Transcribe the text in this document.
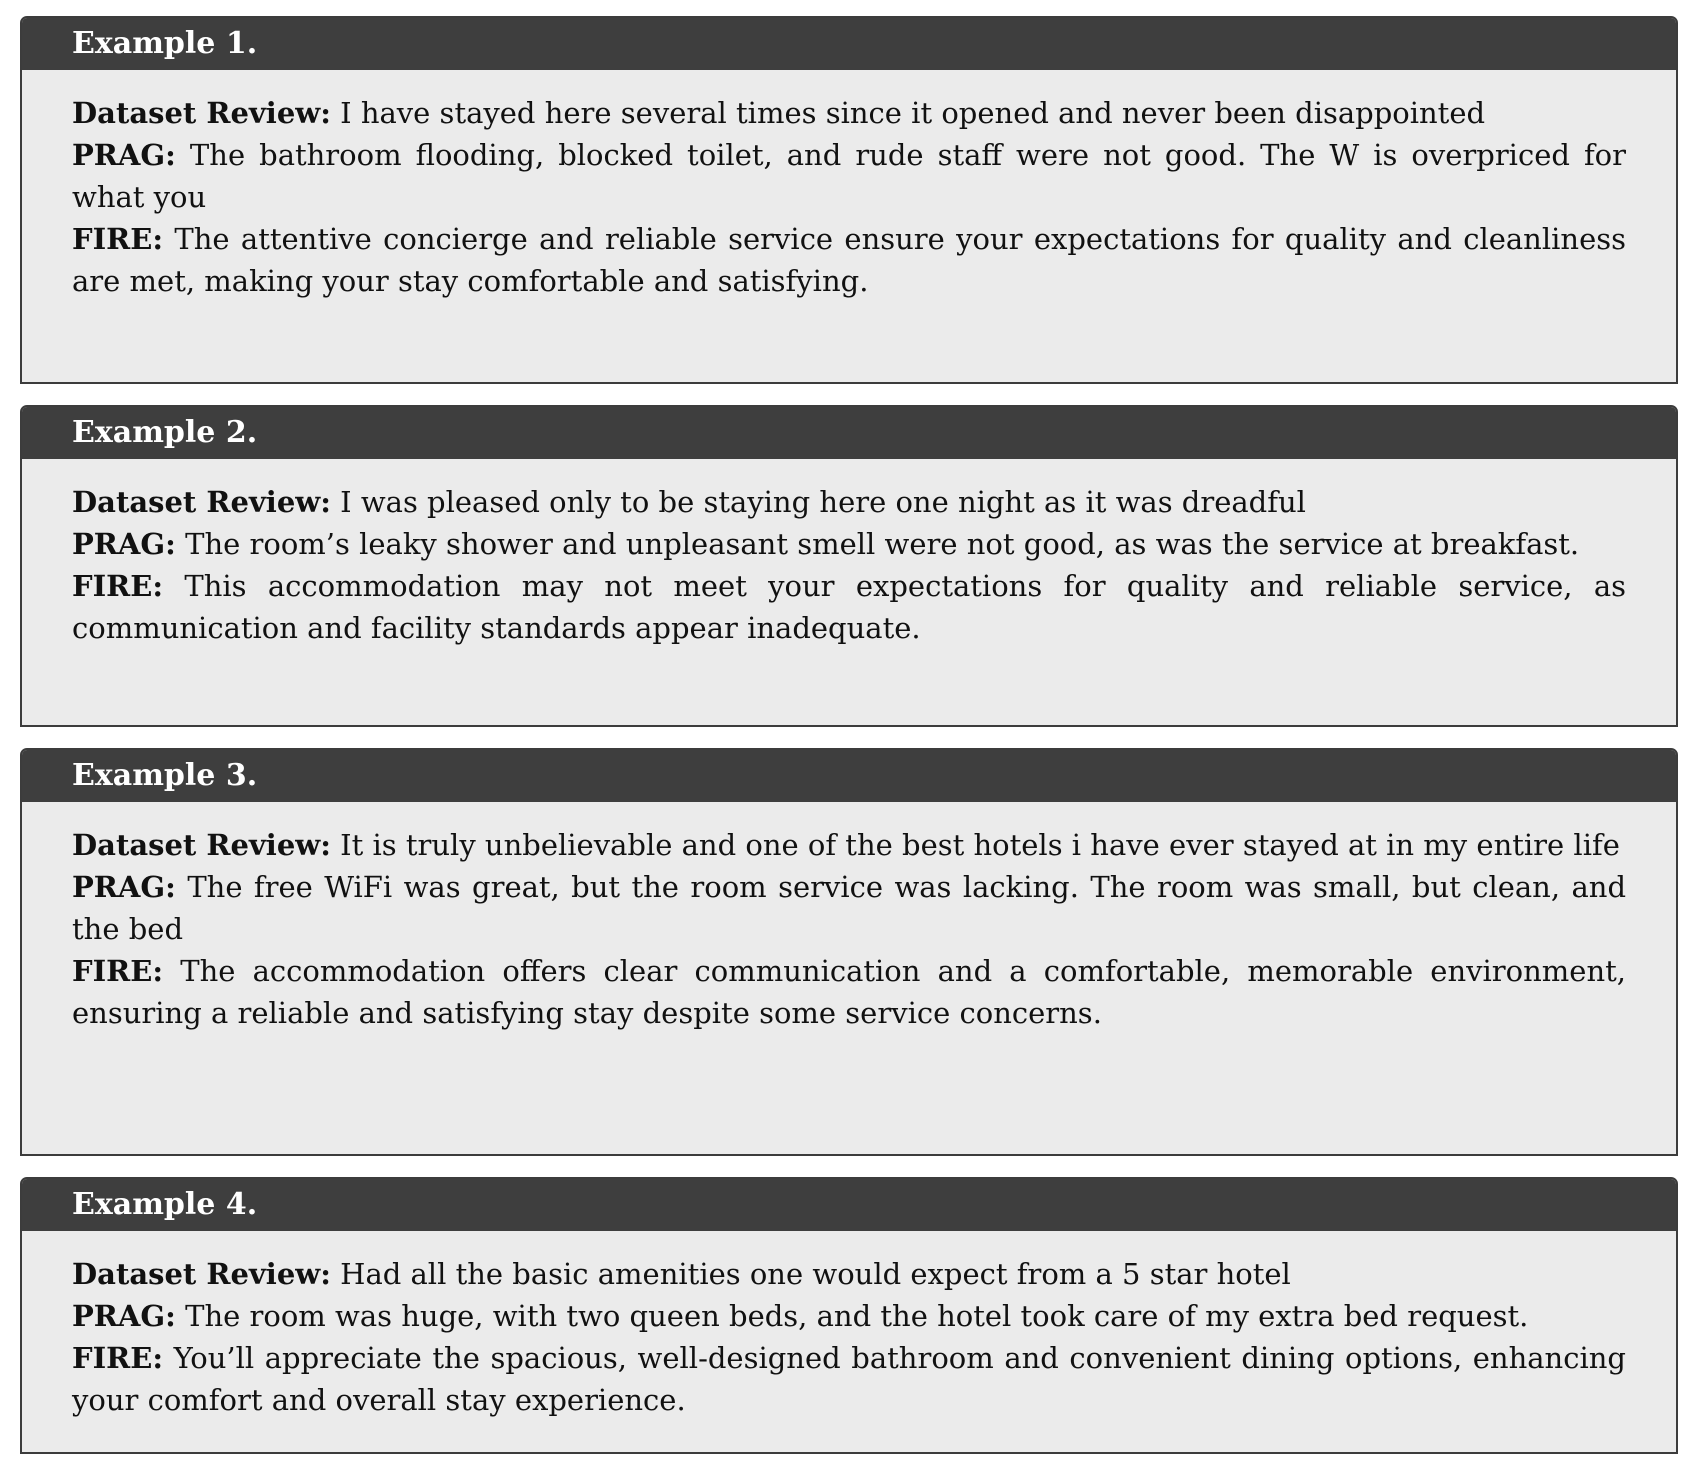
Example 1.

Dataset Review: I have stayed here several times since it opened and never been disappointed

PRAG: The bathroom flooding, blocked toilet, and rude staff were not good. The W is overpriced for what you

FIRE: The attentive concierge and reliable service ensure your expectations for quality and cleanliness are met, making your stay comfortable and satisfying.

Example 2.

Dataset Review: I was pleased only to be staying here one night as it was dreadful

PRAG: The room’s leaky shower and unpleasant smell were not good, as was the service at breakfast.

FIRE: This accommodation may not meet your expectations for quality and reliable service, as communication and facility standards appear inadequate.

Example 3.

Dataset Review: It is truly unbelievable and one of the best hotels i have ever stayed at in my entire life

PRAG: The free WiFi was great, but the room service was lacking. The room was small, but clean, and the bed

FIRE: The accommodation offers clear communication and a comfortable, memorable environment, ensuring a reliable and satisfying stay despite some service concerns.

Example 4.

Dataset Review: Had all the basic amenities one would expect from a 5 star hotel

PRAG: The room was huge, with two queen beds, and the hotel took care of my extra bed request.

FIRE: You’ll appreciate the spacious, well-designed bathroom and convenient dining options, enhancing your comfort and overall stay experience.
